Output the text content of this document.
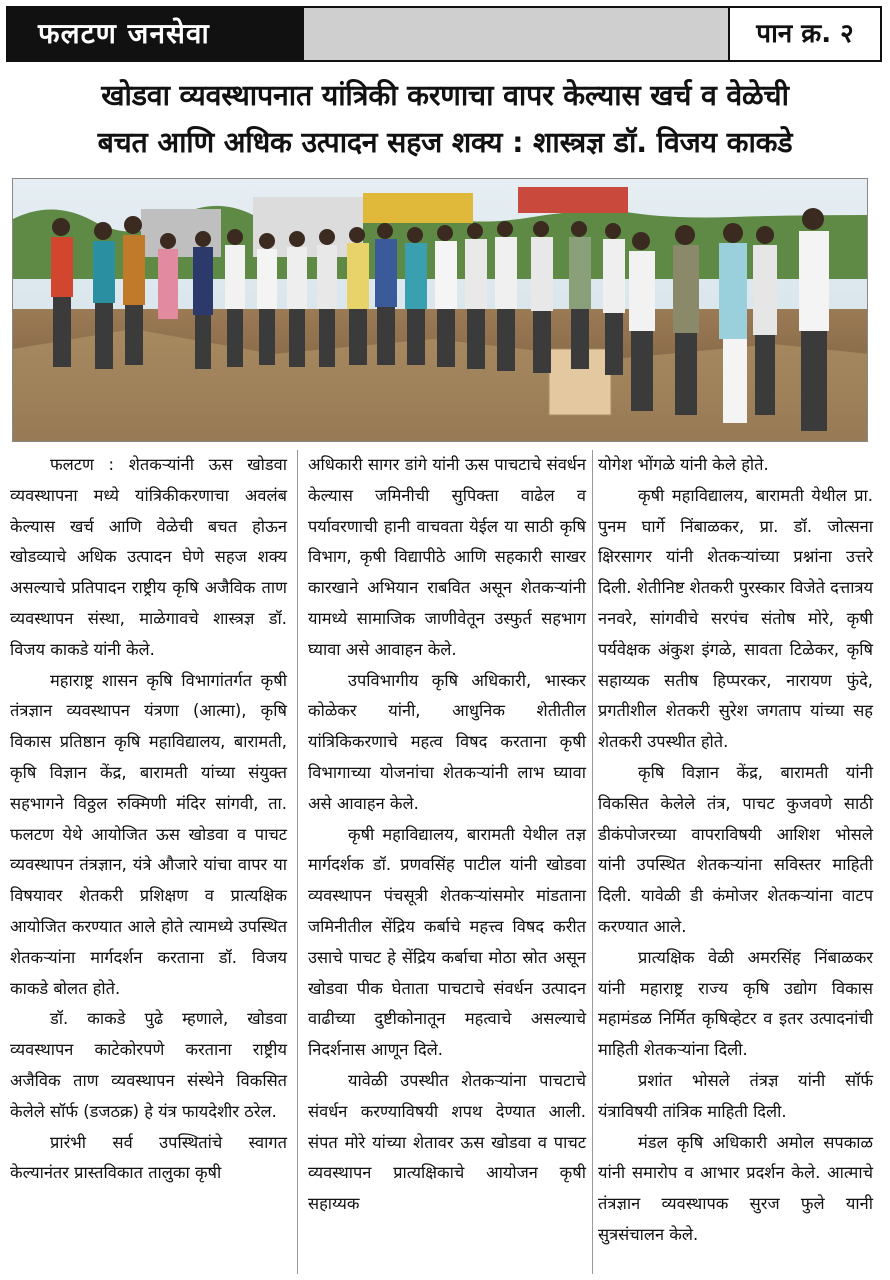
फलटण जनसेवा	पान क्र. २
खोडवा व्यवस्थापनात यांत्रिकी करणाचा वापर केल्यास खर्च व वेळेची
बचत आणि अधिक उत्पादन सहज शक्य : शास्त्रज्ञ डॉ. विजय काकडे

फलटण : शेतकऱ्यांनी ऊस खोडवा व्यवस्थापना मध्ये यांत्रिकीकरणाचा अवलंब केल्यास खर्च आणि वेळेची बचत होऊन खोडव्याचे अधिक उत्पादन घेणे सहज शक्य असल्याचे प्रतिपादन राष्ट्रीय कृषि अजैविक ताण व्यवस्थापन संस्था, माळेगावचे शास्त्रज्ञ डॉ. विजय काकडे यांनी केले.

महाराष्ट्र शासन कृषि विभागांतर्गत कृषी तंत्रज्ञान व्यवस्थापन यंत्रणा (आत्मा), कृषि विकास प्रतिष्ठान कृषि महाविद्यालय, बारामती, कृषि विज्ञान केंद्र, बारामती यांच्या संयुक्त सहभागने विठ्ठल रुक्मिणी मंदिर सांगवी, ता. फलटण येथे आयोजित ऊस खोडवा व पाचट व्यवस्थापन तंत्रज्ञान, यंत्रे औजारे यांचा वापर या विषयावर शेतकरी प्रशिक्षण व प्रात्यक्षिक आयोजित करण्यात आले होते त्यामध्ये उपस्थित शेतकऱ्यांना मार्गदर्शन करताना डॉ. विजय काकडे बोलत होते.

डॉ. काकडे पुढे म्हणाले, खोडवा व्यवस्थापन काटेकोरपणे करताना राष्ट्रीय अजैविक ताण व्यवस्थापन संस्थेने विकसित केलेले सॉर्फ (डजठक्र) हे यंत्र फायदेशीर ठरेल.

प्रारंभी सर्व उपस्थितांचे स्वागत केल्यानंतर प्रास्तविकात तालुका कृषी

अधिकारी सागर डांगे यांनी ऊस पाचटाचे संवर्धन केल्यास जमिनीची सुपिक्ता वाढेल व पर्यावरणाची हानी वाचवता येईल या साठी कृषि विभाग, कृषी विद्यापीठे आणि सहकारी साखर कारखाने अभियान राबवित असून शेतकऱ्यांनी यामध्ये सामाजिक जाणीवेतून उस्फुर्त सहभाग घ्यावा असे आवाहन केले.

उपविभागीय कृषि अधिकारी, भास्कर कोळेकर यांनी, आधुनिक शेतीतील यांत्रिकिकरणाचे महत्व विषद करताना कृषी विभागाच्या योजनांचा शेतकऱ्यांनी लाभ घ्यावा असे आवाहन केले.

कृषी महाविद्यालय, बारामती येथील तज्ञ मार्गदर्शक डॉ. प्रणवसिंह पाटील यांनी खोडवा व्यवस्थापन पंचसूत्री शेतकऱ्यांसमोर मांडताना जमिनीतील सेंद्रिय कर्बाचे महत्त्व विषद करीत उसाचे पाचट हे सेंद्रिय कर्बाचा मोठा स्रोत असून खोडवा पीक घेताता पाचटाचे संवर्धन उत्पादन वाढीच्या दुष्टीकोनातून महत्वाचे असल्याचे निदर्शनास आणून दिले.

यावेळी उपस्थीत शेतकऱ्यांना पाचटाचे संवर्धन करण्याविषयी शपथ देण्यात आली. संपत मोरे यांच्या शेतावर ऊस खोडवा व पाचट व्यवस्थापन प्रात्यक्षिकाचे आयोजन कृषी सहाय्यक

योगेश भोंगळे यांनी केले होते.

कृषी महाविद्यालय, बारामती येथील प्रा. पुनम घार्गे निंबाळकर, प्रा. डॉ. जोत्सना क्षिरसागर यांनी शेतकऱ्यांच्या प्रश्नांना उत्तरे दिली. शेतीनिष्ट शेतकरी पुरस्कार विजेते दत्तात्रय ननवरे, सांगवीचे सरपंच संतोष मोरे, कृषी पर्यवेक्षक अंकुश इंगळे, सावता टिळेकर, कृषि सहाय्यक सतीष हिप्परकर, नारायण फुंदे, प्रगतीशील शेतकरी सुरेश जगताप यांच्या सह शेतकरी उपस्थीत होते.

कृषि विज्ञान केंद्र, बारामती यांनी विकसित केलेले तंत्र, पाचट कुजवणे साठी डीकंपोजरच्या वापराविषयी आशिश भोसले यांनी उपस्थित शेतकऱ्यांना सविस्तर माहिती दिली. यावेळी डी कंमोजर शेतकऱ्यांना वाटप करण्यात आले.

प्रात्यक्षिक वेळी अमरसिंह निंबाळकर यांनी महाराष्ट्र राज्य कृषि उद्योग विकास महामंडळ निर्मित कृषिव्हेटर व इतर उत्पादनांची माहिती शेतकऱ्यांना दिली.

प्रशांत भोसले तंत्रज्ञ यांनी सॉर्फ यंत्राविषयी तांत्रिक माहिती दिली.

मंडल कृषि अधिकारी अमोल सपकाळ यांनी समारोप व आभार प्रदर्शन केले. आत्माचे तंत्रज्ञान व्यवस्थापक सुरज फुले यानी सुत्रसंचालन केले.
